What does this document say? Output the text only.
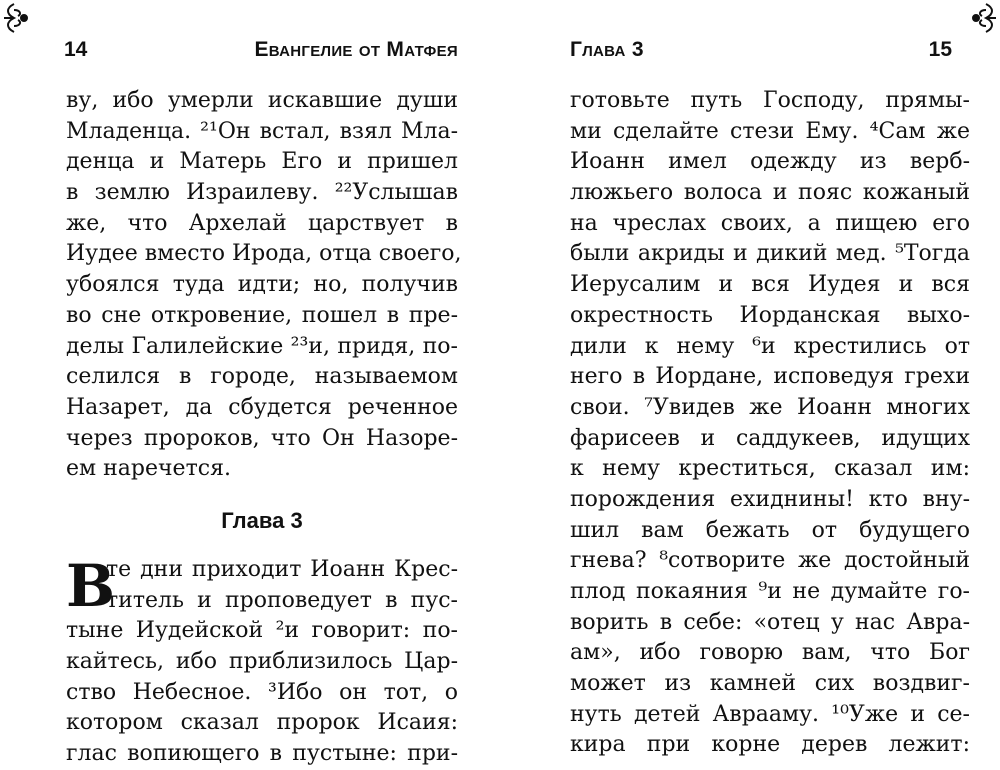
14	Евангелие от Матфея
ву, ибо умерли искавшие души
Младенца. ²¹Он встал, взял Мла-
денца и Матерь Его и пришел
в землю Израилеву. ²²Услышав
же, что Архелай царствует в
Иудее вместо Ирода, отца своего,
убоялся туда идти; но, получив
во сне откровение, пошел в пре-
делы Галилейские ²³и, придя, по-
селился в городе, называемом
Назарет, да сбудется реченное
через пророков, что Он Назоре-
ем наречется.
Глава 3
В
те дни приходит Иоанн Крес-
титель и проповедует в пус-
тыне Иудейской ²и говорит: по-
кайтесь, ибо приблизилось Цар-
ство Небесное. ³Ибо он тот, о
котором сказал пророк Исаия:
глас вопиющего в пустыне: при-
Глава 3	15
готовьте путь Господу, прямы-
ми сделайте стези Ему. ⁴Сам же
Иоанн имел одежду из верб-
люжьего волоса и пояс кожаный
на чреслах своих, а пищею его
были акриды и дикий мед. ⁵Тогда
Иерусалим и вся Иудея и вся
окрестность Иорданская выхо-
дили к нему ⁶и крестились от
него в Иордане, исповедуя грехи
свои. ⁷Увидев же Иоанн многих
фарисеев и саддукеев, идущих
к нему креститься, сказал им:
порождения ехиднины! кто вну-
шил вам бежать от будущего
гнева? ⁸сотворите же достойный
плод покаяния ⁹и не думайте го-
ворить в себе: «отец у нас Авра-
ам», ибо говорю вам, что Бог
может из камней сих воздвиг-
нуть детей Аврааму. ¹⁰Уже и се-
кира при корне дерев лежит:
